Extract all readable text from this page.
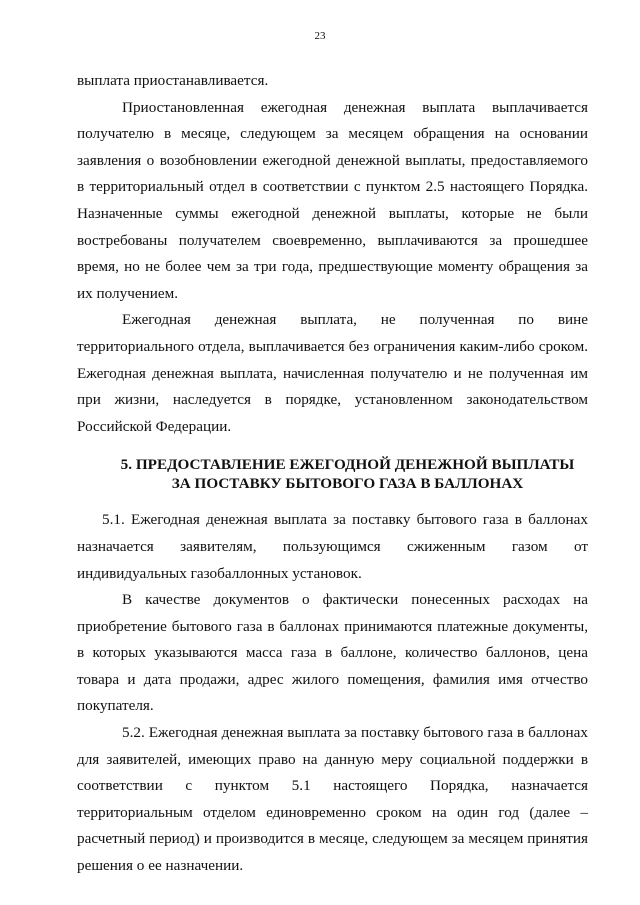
23

выплата приостанавливается.

Приостановленная ежегодная денежная выплата выплачивается получателю в месяце, следующем за месяцем обращения на основании заявления о возобновлении ежегодной денежной выплаты, предоставляемого в территориальный отдел в соответствии с пунктом 2.5 настоящего Порядка. Назначенные суммы ежегодной денежной выплаты, которые не были востребованы получателем своевременно, выплачиваются за прошедшее время, но не более чем за три года, предшествующие моменту обращения за их получением.

Ежегодная денежная выплата, не полученная по вине территориального отдела, выплачивается без ограничения каким-либо сроком. Ежегодная денежная выплата, начисленная получателю и не полученная им при жизни, наследуется в порядке, установленном законодательством Российской Федерации.

5. ПРЕДОСТАВЛЕНИЕ ЕЖЕГОДНОЙ ДЕНЕЖНОЙ ВЫПЛАТЫ
ЗА ПОСТАВКУ БЫТОВОГО ГАЗА В БАЛЛОНАХ

5.1. Ежегодная денежная выплата за поставку бытового газа в баллонах назначается заявителям, пользующимся сжиженным газом от индивидуальных газобаллонных установок.

В качестве документов о фактически понесенных расходах на приобретение бытового газа в баллонах принимаются платежные документы, в которых указываются масса газа в баллоне, количество баллонов, цена товара и дата продажи, адрес жилого помещения, фамилия имя отчество покупателя.

5.2. Ежегодная денежная выплата за поставку бытового газа в баллонах для заявителей, имеющих право на данную меру социальной поддержки в соответствии с пунктом 5.1 настоящего Порядка, назначается территориальным отделом единовременно сроком на один год (далее – расчетный период) и производится в месяце, следующем за месяцем принятия решения о ее назначении.
